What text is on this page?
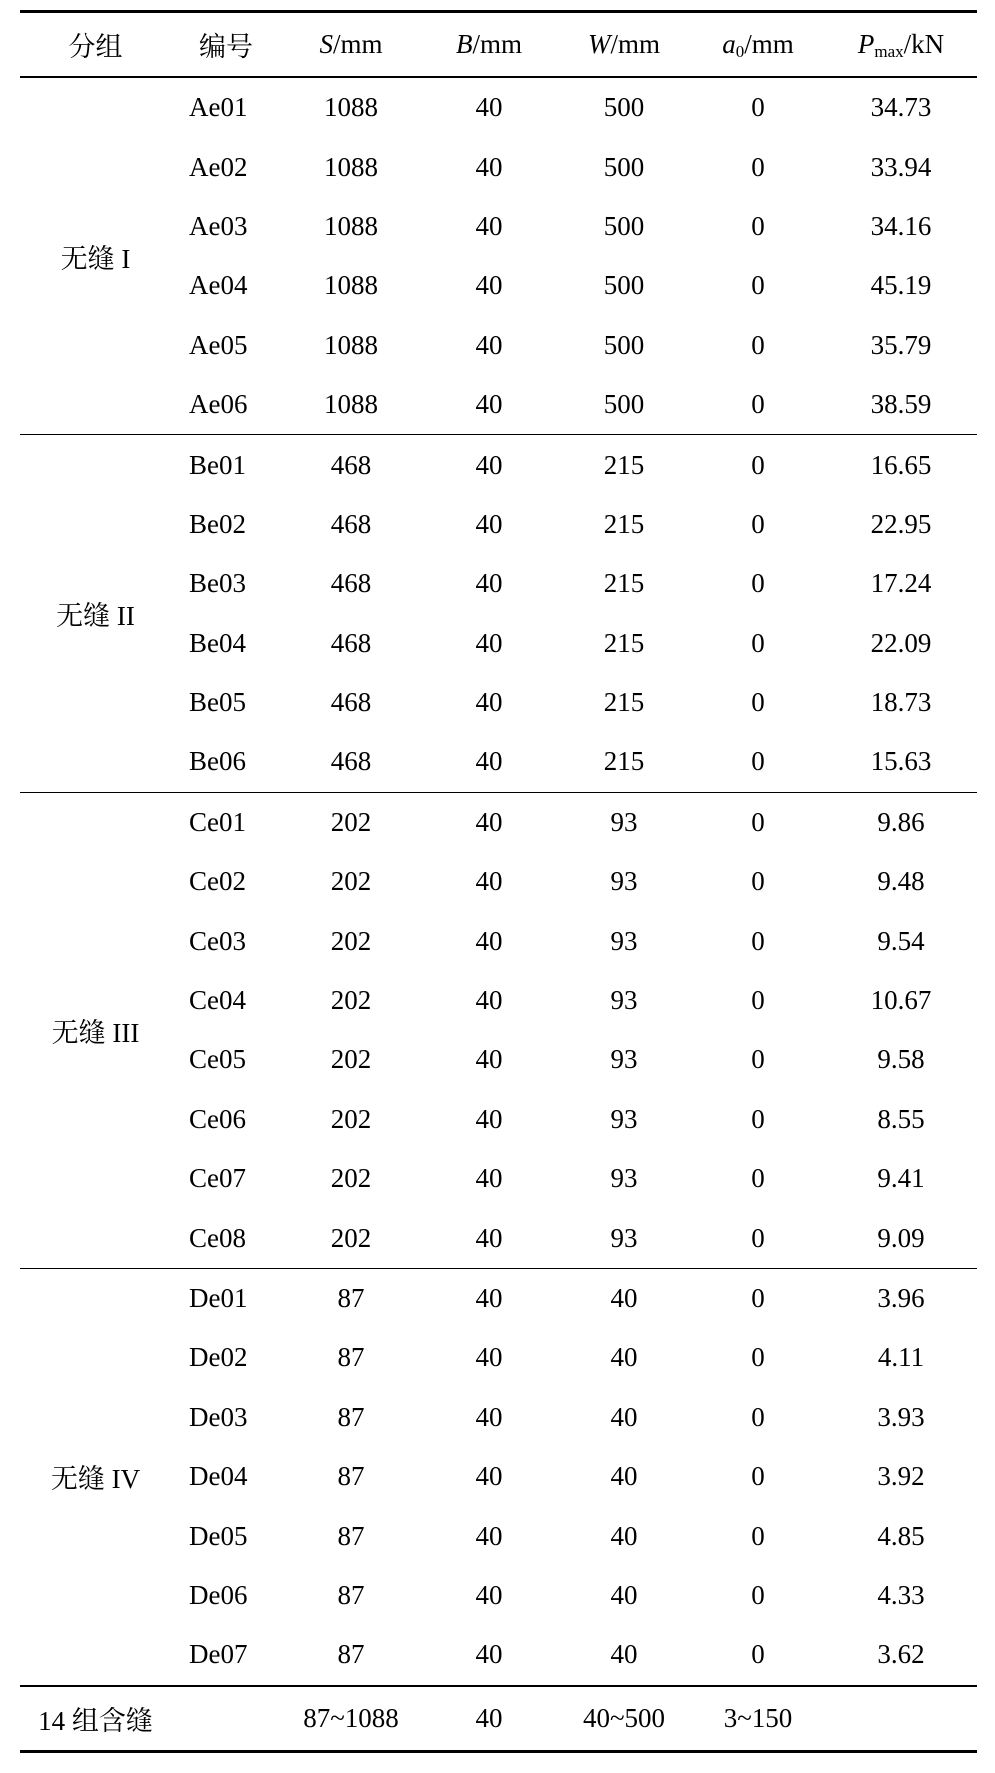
分组	编号	S/mm	B/mm	W/mm	$a_0/mm$	$P_{max}/kN$
无缝 I	Ae01	1088	40	500	0	34.73
	Ae02	1088	40	500	0	33.94
	Ae03	1088	40	500	0	34.16
	Ae04	1088	40	500	0	45.19
	Ae05	1088	40	500	0	35.79
	Ae06	1088	40	500	0	38.59
无缝 II	Be01	468	40	215	0	16.65
	Be02	468	40	215	0	22.95
	Be03	468	40	215	0	17.24
	Be04	468	40	215	0	22.09
	Be05	468	40	215	0	18.73
	Be06	468	40	215	0	15.63
无缝 III	Ce01	202	40	93	0	9.86
	Ce02	202	40	93	0	9.48
	Ce03	202	40	93	0	9.54
	Ce04	202	40	93	0	10.67
	Ce05	202	40	93	0	9.58
	Ce06	202	40	93	0	8.55
	Ce07	202	40	93	0	9.41
	Ce08	202	40	93	0	9.09
无缝 IV	De01	87	40	40	0	3.96
	De02	87	40	40	0	4.11
	De03	87	40	40	0	3.93
	De04	87	40	40	0	3.92
	De05	87	40	40	0	4.85
	De06	87	40	40	0	4.33
	De07	87	40	40	0	3.62
14 组含缝		87~1088	40	40~500	3~150	
